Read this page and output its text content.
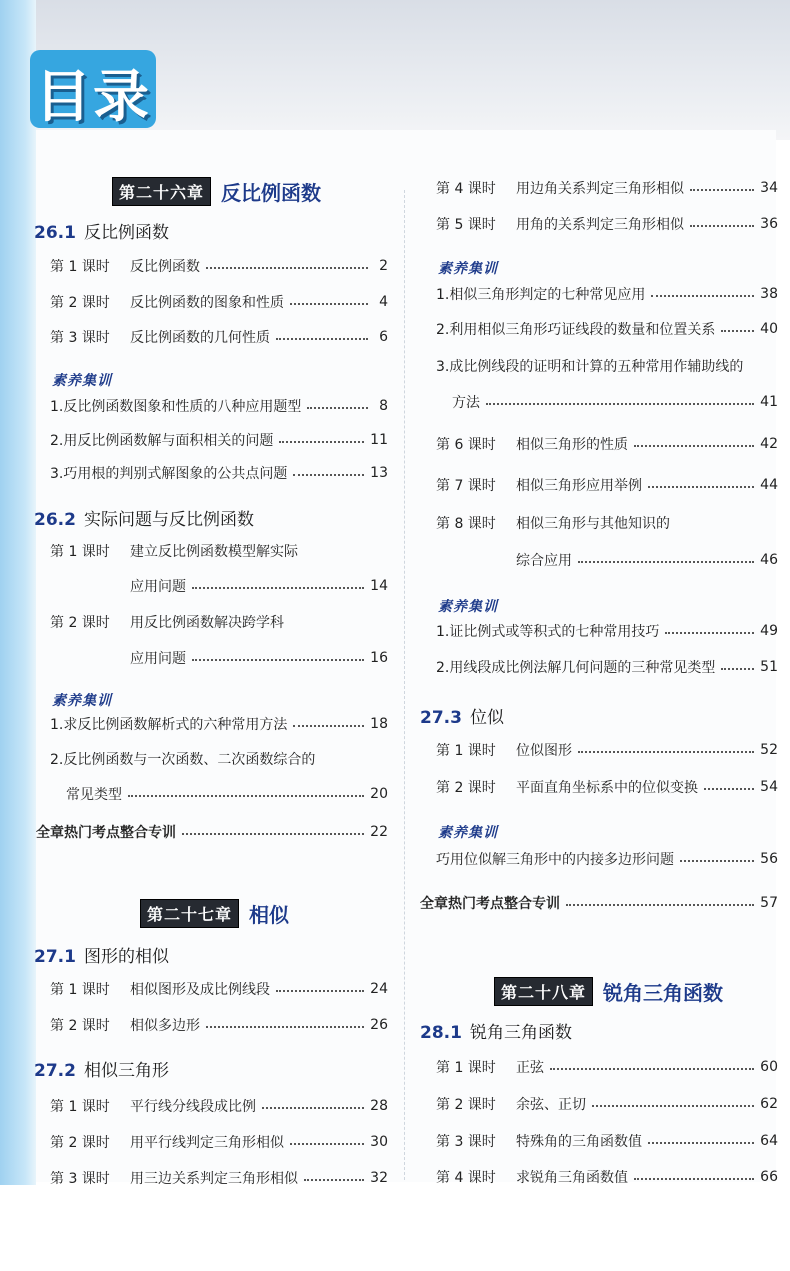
目录
第二十六章 反比例函数
26.1 反比例函数
第 1 课时	反比例函数	2
第 2 课时	反比例函数的图象和性质	4
第 3 课时	反比例函数的几何性质	6
素养集训
1.反比例函数图象和性质的八种应用题型	8
2.用反比例函数解与面积相关的问题	11
3.巧用根的判别式解图象的公共点问题	13
26.2 实际问题与反比例函数
第 1 课时 建立反比例函数模型解实际
应用问题	14
第 2 课时 用反比例函数解决跨学科
应用问题	16
素养集训
1.求反比例函数解析式的六种常用方法	18
2.反比例函数与一次函数、二次函数综合的
常见类型	20
全章热门考点整合专训	22
第二十七章 相似
27.1 图形的相似
第 1 课时	相似图形及成比例线段	24
第 2 课时	相似多边形	26
27.2 相似三角形
第 1 课时	平行线分线段成比例	28
第 2 课时	用平行线判定三角形相似	30
第 3 课时	用三边关系判定三角形相似	32
第 4 课时	用边角关系判定三角形相似	34
第 5 课时	用角的关系判定三角形相似	36
素养集训
1.相似三角形判定的七种常见应用	38
2.利用相似三角形巧证线段的数量和位置关系	40
3.成比例线段的证明和计算的五种常用作辅助线的
方法	41
第 6 课时	相似三角形的性质	42
第 7 课时	相似三角形应用举例	44
第 8 课时 相似三角形与其他知识的
综合应用	46
素养集训
1.证比例式或等积式的七种常用技巧	49
2.用线段成比例法解几何问题的三种常见类型	51
27.3 位似
第 1 课时	位似图形	52
第 2 课时	平面直角坐标系中的位似变换	54
素养集训
巧用位似解三角形中的内接多边形问题	56
全章热门考点整合专训	57
第二十八章 锐角三角函数
28.1 锐角三角函数
第 1 课时	正弦	60
第 2 课时	余弦、正切	62
第 3 课时	特殊角的三角函数值	64
第 4 课时	求锐角三角函数值	66
